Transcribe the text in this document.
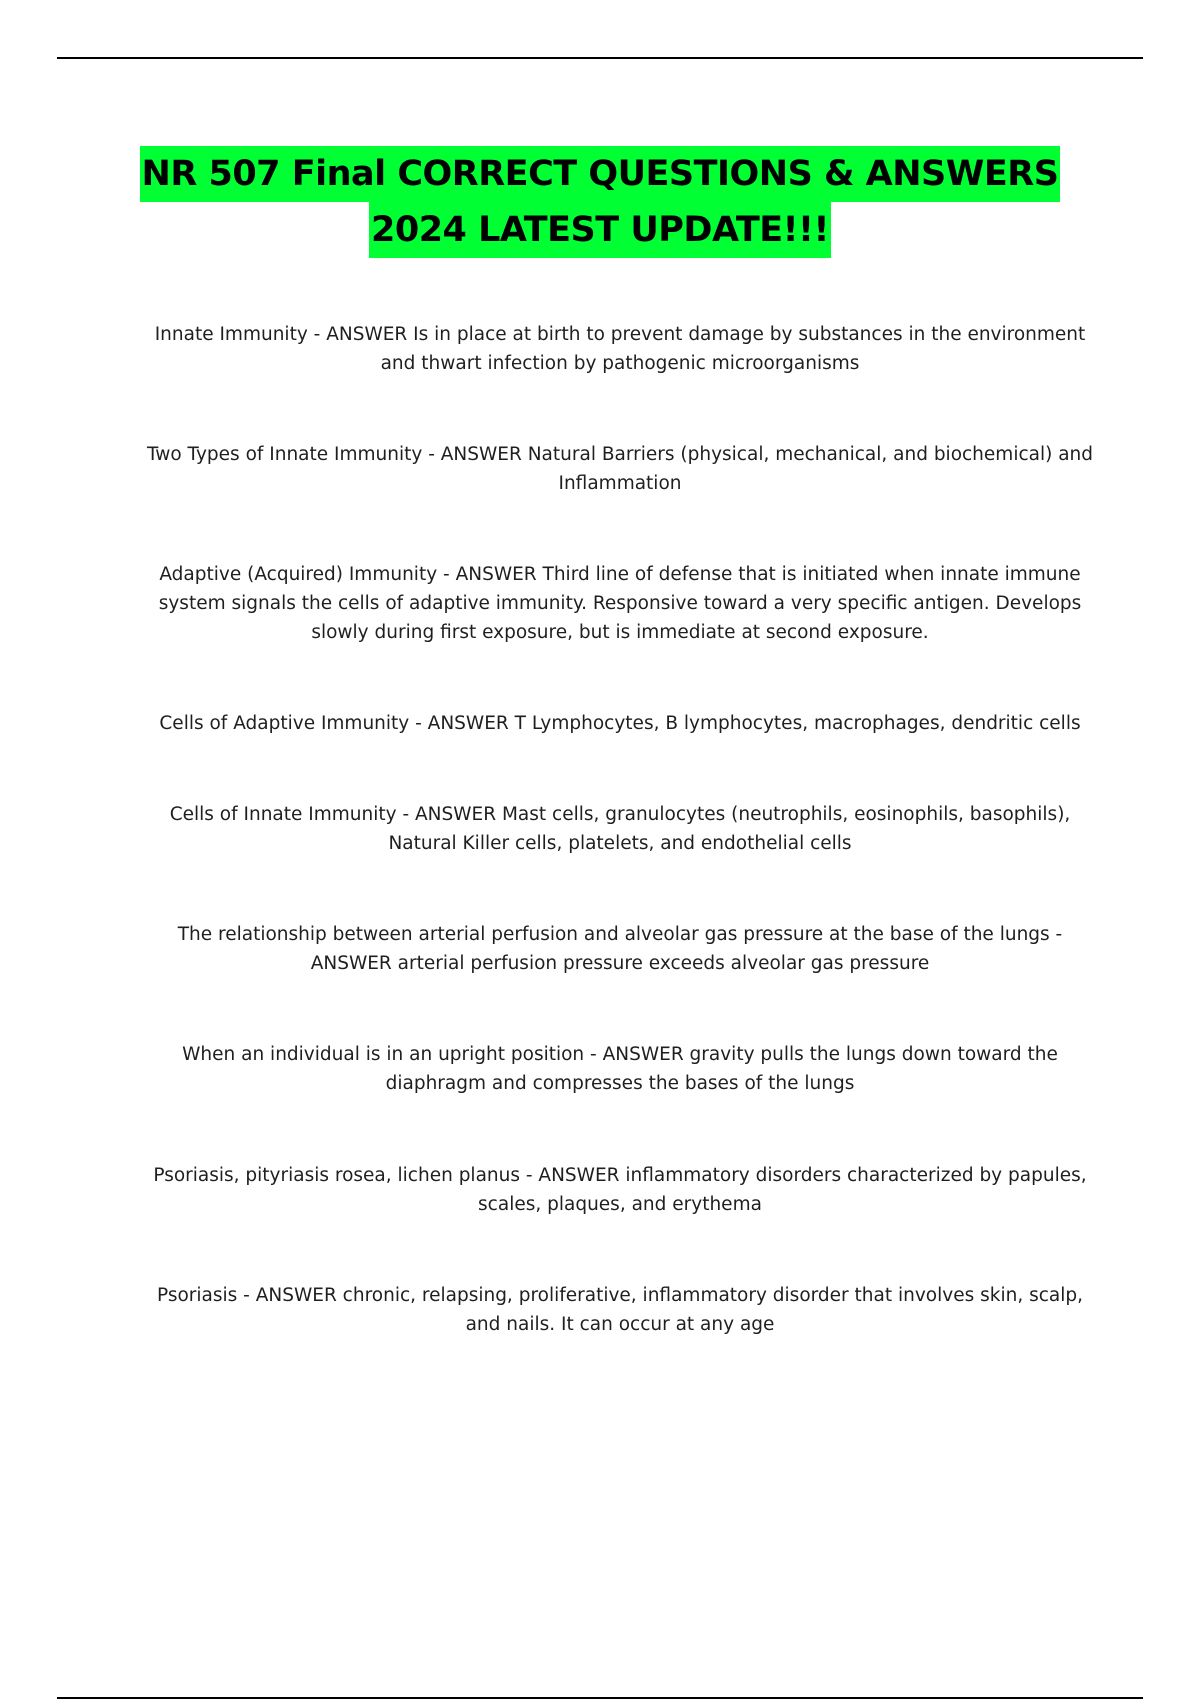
NR 507 Final CORRECT QUESTIONS & ANSWERS
2024 LATEST UPDATE!!!

Innate Immunity - ANSWER Is in place at birth to prevent damage by substances in the environment and thwart infection by pathogenic microorganisms

Two Types of Innate Immunity - ANSWER Natural Barriers (physical, mechanical, and biochemical) and Inflammation

Adaptive (Acquired) Immunity - ANSWER Third line of defense that is initiated when innate immune system signals the cells of adaptive immunity. Responsive toward a very specific antigen. Develops slowly during first exposure, but is immediate at second exposure.

Cells of Adaptive Immunity - ANSWER T Lymphocytes, B lymphocytes, macrophages, dendritic cells

Cells of Innate Immunity - ANSWER Mast cells, granulocytes (neutrophils, eosinophils, basophils), Natural Killer cells, platelets, and endothelial cells

The relationship between arterial perfusion and alveolar gas pressure at the base of the lungs - ANSWER arterial perfusion pressure exceeds alveolar gas pressure

When an individual is in an upright position - ANSWER gravity pulls the lungs down toward the diaphragm and compresses the bases of the lungs

Psoriasis, pityriasis rosea, lichen planus - ANSWER inflammatory disorders characterized by papules, scales, plaques, and erythema

Psoriasis - ANSWER chronic, relapsing, proliferative, inflammatory disorder that involves skin, scalp, and nails. It can occur at any age
